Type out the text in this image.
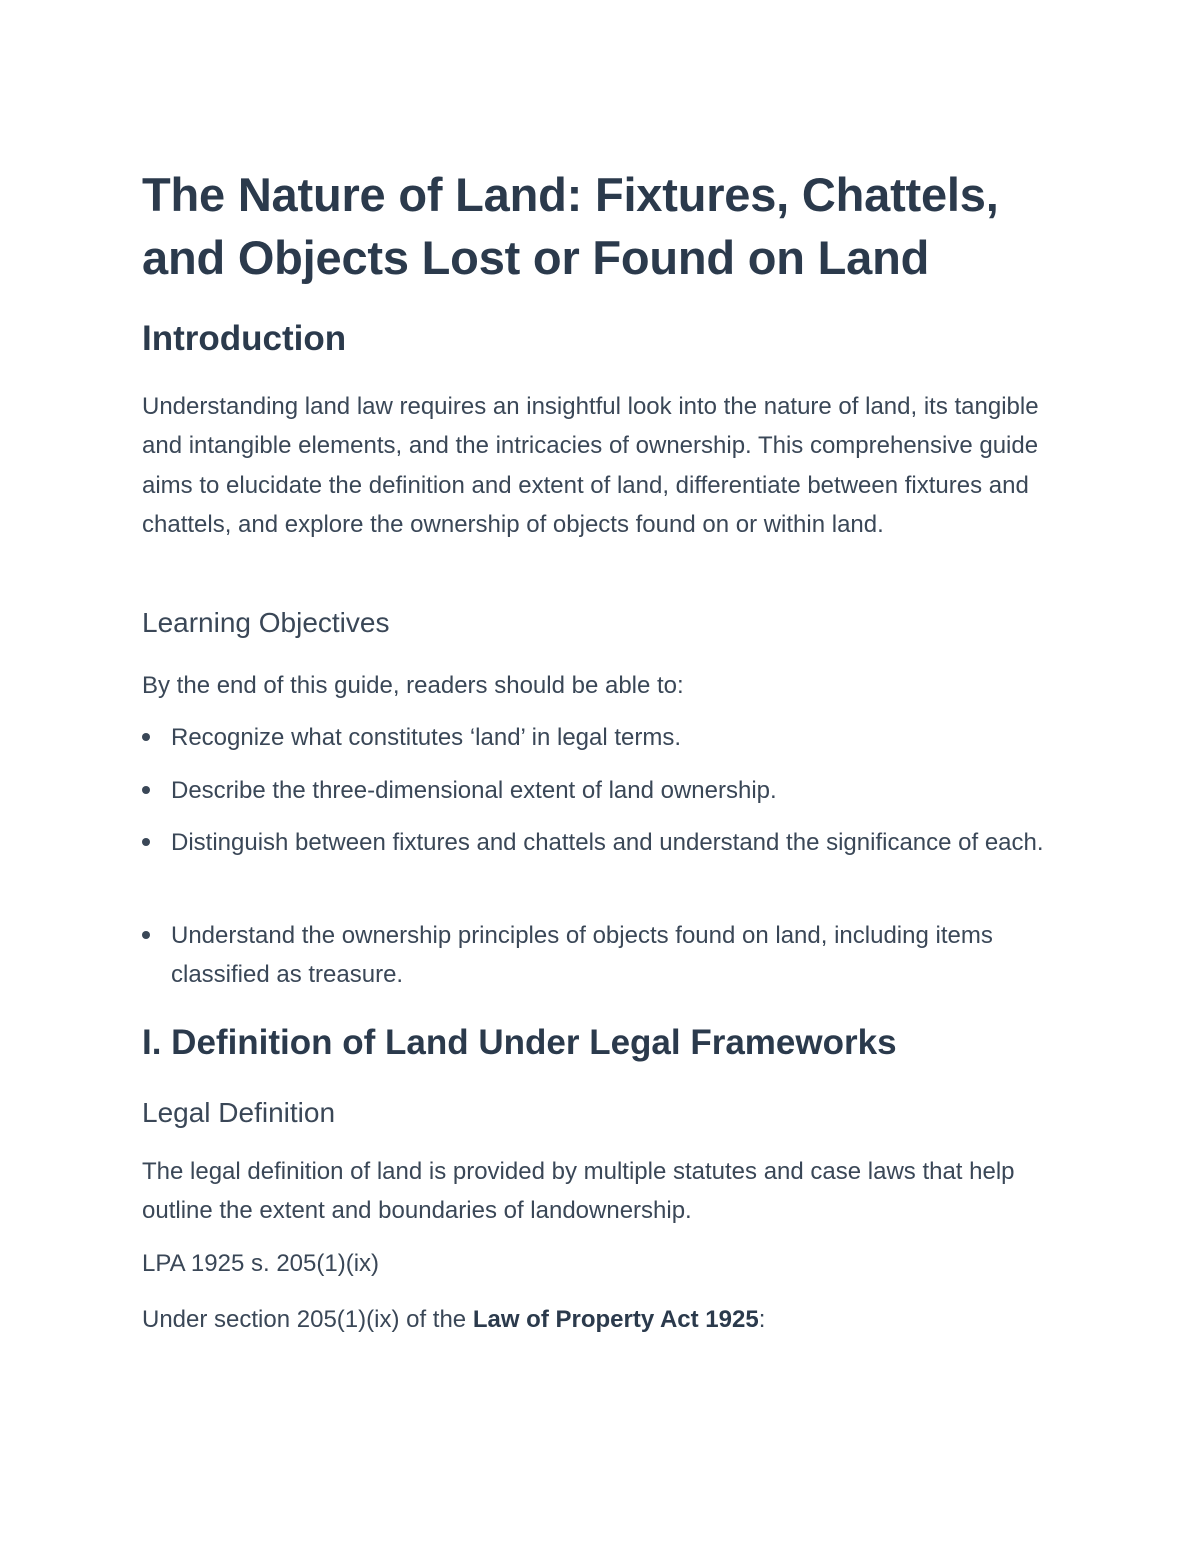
The Nature of Land: Fixtures, Chattels, and Objects Lost or Found on Land
Introduction

Understanding land law requires an insightful look into the nature of land, its tangible and intangible elements, and the intricacies of ownership. This comprehensive guide aims to elucidate the definition and extent of land, differentiate between fixtures and chattels, and explore the ownership of objects found on or within land.

Learning Objectives

By the end of this guide, readers should be able to:

Recognize what constitutes ‘land’ in legal terms.
Describe the three-dimensional extent of land ownership.
Distinguish between fixtures and chattels and understand the significance of each.
Understand the ownership principles of objects found on land, including items classified as treasure.
I. Definition of Land Under Legal Frameworks
Legal Definition

The legal definition of land is provided by multiple statutes and case laws that help outline the extent and boundaries of landownership.

LPA 1925 s. 205(1)(ix)

Under section 205(1)(ix) of the Law of Property Act 1925:
